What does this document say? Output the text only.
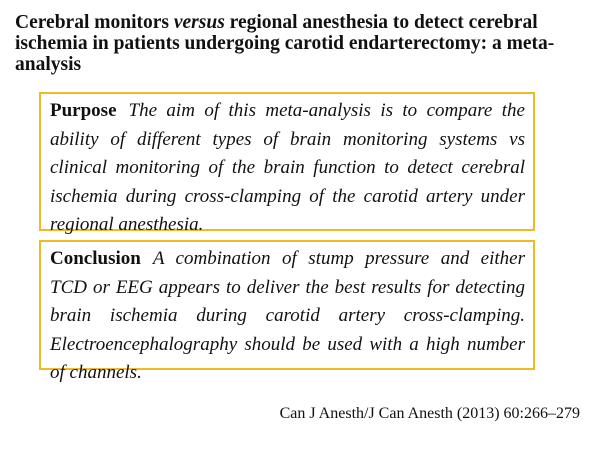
Cerebral monitors versus regional anesthesia to detect cerebral ischemia in patients undergoing carotid endarterectomy: a meta-analysis
Purpose The aim of this meta-analysis is to compare the ability of different types of brain monitoring systems vs clinical monitoring of the brain function to detect cerebral ischemia during cross-clamping of the carotid artery under regional anesthesia.
Conclusion A combination of stump pressure and either TCD or EEG appears to deliver the best results for detecting brain ischemia during carotid artery cross-clamping. Electroencephalography should be used with a high number of channels.

Can J Anesth/J Can Anesth (2013) 60:266–279
